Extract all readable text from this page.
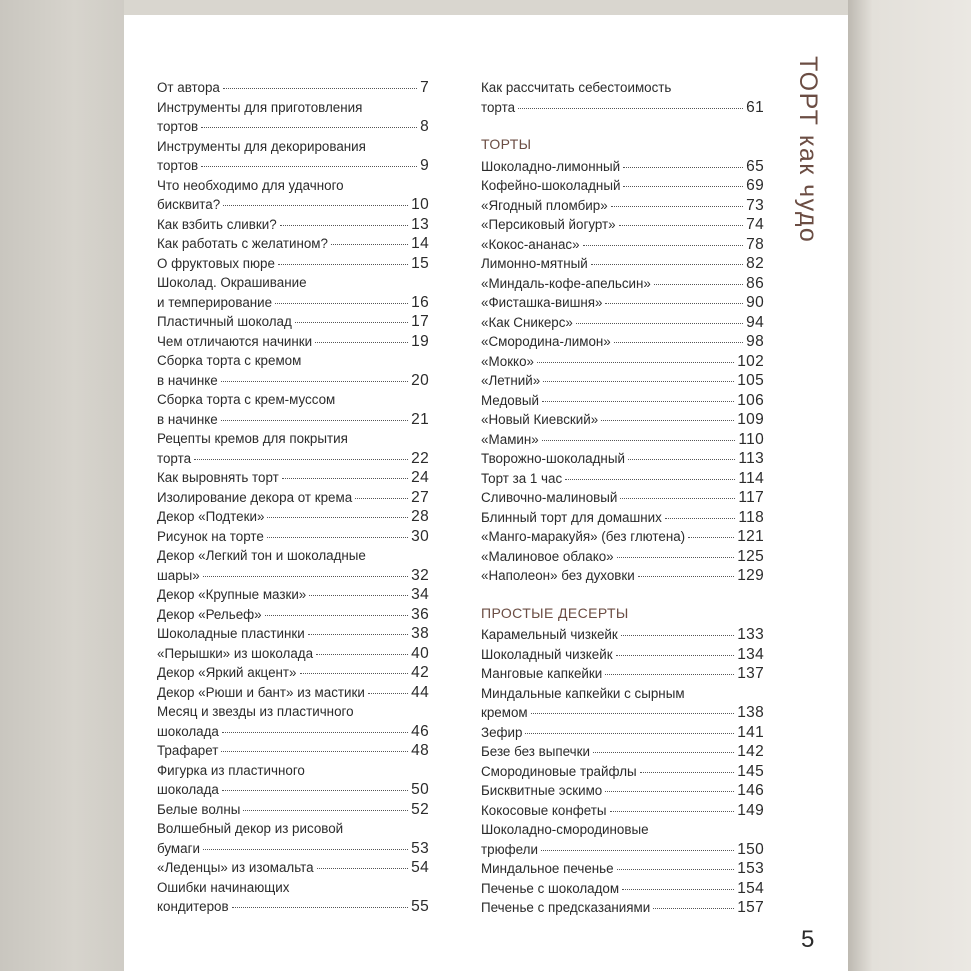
От автора	7
Инструменты для приготовления
тортов	8
Инструменты для декорирования
тортов	9
Что необходимо для удачного
бисквита?	10
Как взбить сливки?	13
Как работать с желатином?	14
О фруктовых пюре	15
Шоколад. Окрашивание
и темперирование	16
Пластичный шоколад	17
Чем отличаются начинки	19
Сборка торта с кремом
в начинке	20
Сборка торта с крем-муссом
в начинке	21
Рецепты кремов для покрытия
торта	22
Как выровнять торт	24
Изолирование декора от крема	27
Декор «Подтеки»	28
Рисунок на торте	30
Декор «Легкий тон и шоколадные
шары»	32
Декор «Крупные мазки»	34
Декор «Рельеф»	36
Шоколадные пластинки	38
«Перышки» из шоколада	40
Декор «Яркий акцент»	42
Декор «Рюши и бант» из мастики	44
Месяц и звезды из пластичного
шоколада	46
Трафарет	48
Фигурка из пластичного
шоколада	50
Белые волны	52
Волшебный декор из рисовой
бумаги	53
«Леденцы» из изомальта	54
Ошибки начинающих
кондитеров	55
Как рассчитать себестоимость
торта	61
ТОРТЫ
Шоколадно-лимонный	65
Кофейно-шоколадный	69
«Ягодный пломбир»	73
«Персиковый йогурт»	74
«Кокос-ананас»	78
Лимонно-мятный	82
«Миндаль-кофе-апельсин»	86
«Фисташка-вишня»	90
«Как Сникерс»	94
«Смородина-лимон»	98
«Мокко»	102
«Летний»	105
Медовый	106
«Новый Киевский»	109
«Мамин»	110
Творожно-шоколадный	113
Торт за 1 час	114
Сливочно-малиновый	117
Блинный торт для домашних	118
«Манго-маракуйя» (без глютена)	121
«Малиновое облако»	125
«Наполеон» без духовки	129
ПРОСТЫЕ ДЕСЕРТЫ
Карамельный чизкейк	133
Шоколадный чизкейк	134
Манговые капкейки	137
Миндальные капкейки с сырным
кремом	138
Зефир	141
Безе без выпечки	142
Смородиновые трайфлы	145
Бисквитные эскимо	146
Кокосовые конфеты	149
Шоколадно-смородиновые
трюфели	150
Миндальное печенье	153
Печенье с шоколадом	154
Печенье с предсказаниями	157
ТОРТ как чудо
5
